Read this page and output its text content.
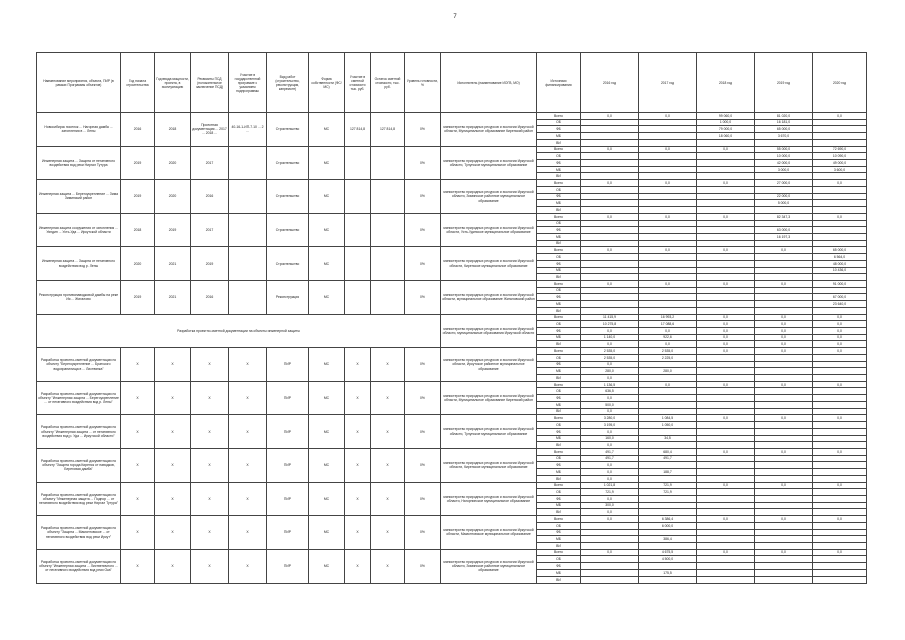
7
Наименование мероприятия, объекта, ПИР (в рамках Программы объектов)	Год начала строительства	Год ввода мощности, проекта, в эксплуатацию	Реквизиты ПСД (положительное заключение ПСД)	Участие в государственной программе с указанием подпрограммы	Вид работ (строительство, реконструкция, капремонт)	Форма собственности (ФС/МС)	Участие в сметной стоимости тыс. руб.	Остаток сметной стоимости, тыс. руб.	Уровень готовности, %	Исполнитель (наименование ИОГВ, МО)	Источники финансирования	2016 год	2017 год	2018 год	2019 год	2020 год
Новосибирск поселок ... Нагорная дамба ... затопления в ... Лены	2016	2018	Проектная документация ... 2017 ... 2018 ...	40-16-1-ИП-7.10 ... 2 ...	Строительство	МС	127 814,8	127 814,8	0%	министерство природных ресурсов и экологии Иркутской области, Муниципальное образование Киренский район	Всего	0,0	0,0	99 060,0	81 020,0	0,0
											ОБ			1 000,0	16 181,0	
											ФБ			79 000,0	65 000,0	
											МБ			18 060,0	3 670,0	
											ВИ					
Инженерная защита ... Защита от негативного воздействия вод реки Ниргал Тутура	2019	2020	2017		Строительство	МС			0%	министерство природных ресурсов и экологии Иркутской области, Тулунское муниципальное образование	Всего	0,0	0,0	0,0	55 000,0	72 690,0
											ОБ				10 000,0	10 090,0
											ФБ				42 000,0	49 000,0
											МБ				3 000,0	3 600,0
											ВИ					
Инженерная защита ... Берегоукрепление ... Зима Зиминский район	2019	2020	2016		Строительство	МС			0%	министерство природных ресурсов и экологии Иркутской области, Зиминское районное муниципальное образование	Всего	0,0	0,0	0,0	27 000,0	0,0
											ОБ					
											ФБ				22 000,0	
											МБ				5 000,0	
											ВИ					
Инженерная защита сооружения от затопления ... Уяндин ... Усть-Уда ... Иркутской области	2018	2019	2017		Строительство	МС			0%	министерство природных ресурсов и экологии Иркутской области, Усть-Удинское муниципальное образование	Всего	0,0	0,0	0,0	82 347,3	0,0
											ОБ					
											ФБ				63 000,0	
											МБ				16 197,3	
											ВИ					
Инженерная защита ... Защита от негативного воздействия вод р. Лены	2020	2021	2019		Строительство	МС			0%	министерство природных ресурсов и экологии Иркутской области, Киренское муниципальное образование	Всего	0,0	0,0	0,0	0,0	65 000,0
											ОБ					6 564,0
											ФБ					48 000,0
											МБ					10 436,0
											ВИ					
Реконструкция противопаводковой дамбы на реке Ия ... Жигалово	2019	2021	2016		Реконструкция	МС			0%	министерство природных ресурсов и экологии Иркутской области, муниципальное образование Жигаловский район	Всего	0,0	0,0	0,0	0,0	91 000,0
											ОБ					
											ФБ					67 000,0
											МБ					23 640,0
											ВИ					
Разработка проектно-сметной документации на объекты инженерной защиты										министерство природных ресурсов и экологии Иркутской области, муниципальные образования Иркутской области	Всего	11 415,9	16 993,2	0,0	0,0	0,0
											ОБ	10 275,8	17 088,6	0,0	0,0	0,0
											ФБ	0,0	0,0	0,0	0,0	0,0
											МБ	1 140,0	922,6	0,0	0,0	0,0
											ВИ	0,0	0,0	0,0	0,0	0,0
Разработка проектно-сметной документации по объекту "Берегоукрепление ... Братского водохранилища в ... Листвянка"	Х	Х	Х	Х	ПИР	МС	Х	Х	0%	министерство природных ресурсов и экологии Иркутской области, Иркутское районное муниципальное образование	Всего	2 535,0	2 535,0	0,0	0,0	0,0
											ОБ	2 535,0	2 225,0			
											ФБ	0,0				
											МБ	280,0	280,0			
											ВИ	0,0				
Разработка проектно-сметной документации по объекту "Инженерная защита ... Берегоукрепление ... от негативного воздействия вод р. Лены"	Х	Х	Х	Х	ПИР	МС	Х	Х	0%	министерство природных ресурсов и экологии Иркутской области, Муниципальное образование Киренский район	Всего	1 136,5	0,0	0,0	0,0	0,0
											ОБ	636,5				
											ФБ	0,0				
											МБ	500,0				
											ВИ	0,0				
Разработка проектно-сметной документации по объекту "Инженерная защита ... от негативного воздействия вод р. Уда ... Иркутской области"	Х	Х	Х	Х	ПИР	МС	Х	Х	0%	министерство природных ресурсов и экологии Иркутской области, Тулунское муниципальное образование	Всего	3 280,0	1 084,5	0,0	0,0	0,0
											ОБ	3 195,0	1 050,0			
											ФБ	0,0				
											МБ	160,0	34,5			
											ВИ	0,0				
Разработка проектно-сметной документации по объекту "Защита города Киренск от паводков, Береговая дамба"	Х	Х	Х	Х	ПИР	МС	Х	Х	0%	министерство природных ресурсов и экологии Иркутской области, Киренское муниципальное образование	Всего	491,7	680,4	0,0	0,0	0,0
											ОБ	491,7	491,7			
											ФБ	0,0				
											МБ	0,0	188,7			
											ВИ	0,0				
Разработка проектно-сметной документации по объекту "Инженерная защита ... Подпор ... от негативного воздействия вод реки Ниргал Тутура"	Х	Х	Х	Х	ПИР	МС	Х	Х	0%	министерство природных ресурсов и экологии Иркутской области, Нагорнинское муниципальное образование	Всего	1 021,8	721,9	0,0	0,0	0,0
											ОБ	721,9	721,9			
											ФБ	0,0				
											МБ	300,0				
											ВИ	0,0				
Разработка проектно-сметной документации по объекту "Защита ... Мамонтовское ... от негативного воздействия вод реки Иркут"	Х	Х	Х	Х	ПИР	МС	Х	Х	0%	министерство природных ресурсов и экологии Иркутской области, Мамонтовское муниципальное образование	Всего	0,0	6 386,4	0,0	0,0	0,0
											ОБ		6 000,0			
											ФБ					
											МБ		386,4			
											ВИ					
Разработка проектно-сметной документации по объекту "Инженерная защита ... Лиственичного ... от негативного воздействия вод реки Ока"	Х	Х	Х	Х	ПИР	МС	Х	Х	0%	министерство природных ресурсов и экологии Иркутской области, Зиминское районное муниципальное образование	Всего	0,0	4 675,5	0,0	0,0	0,0
											ОБ		4 500,0			
											ФБ					
											МБ		175,5			
											ВИ					
